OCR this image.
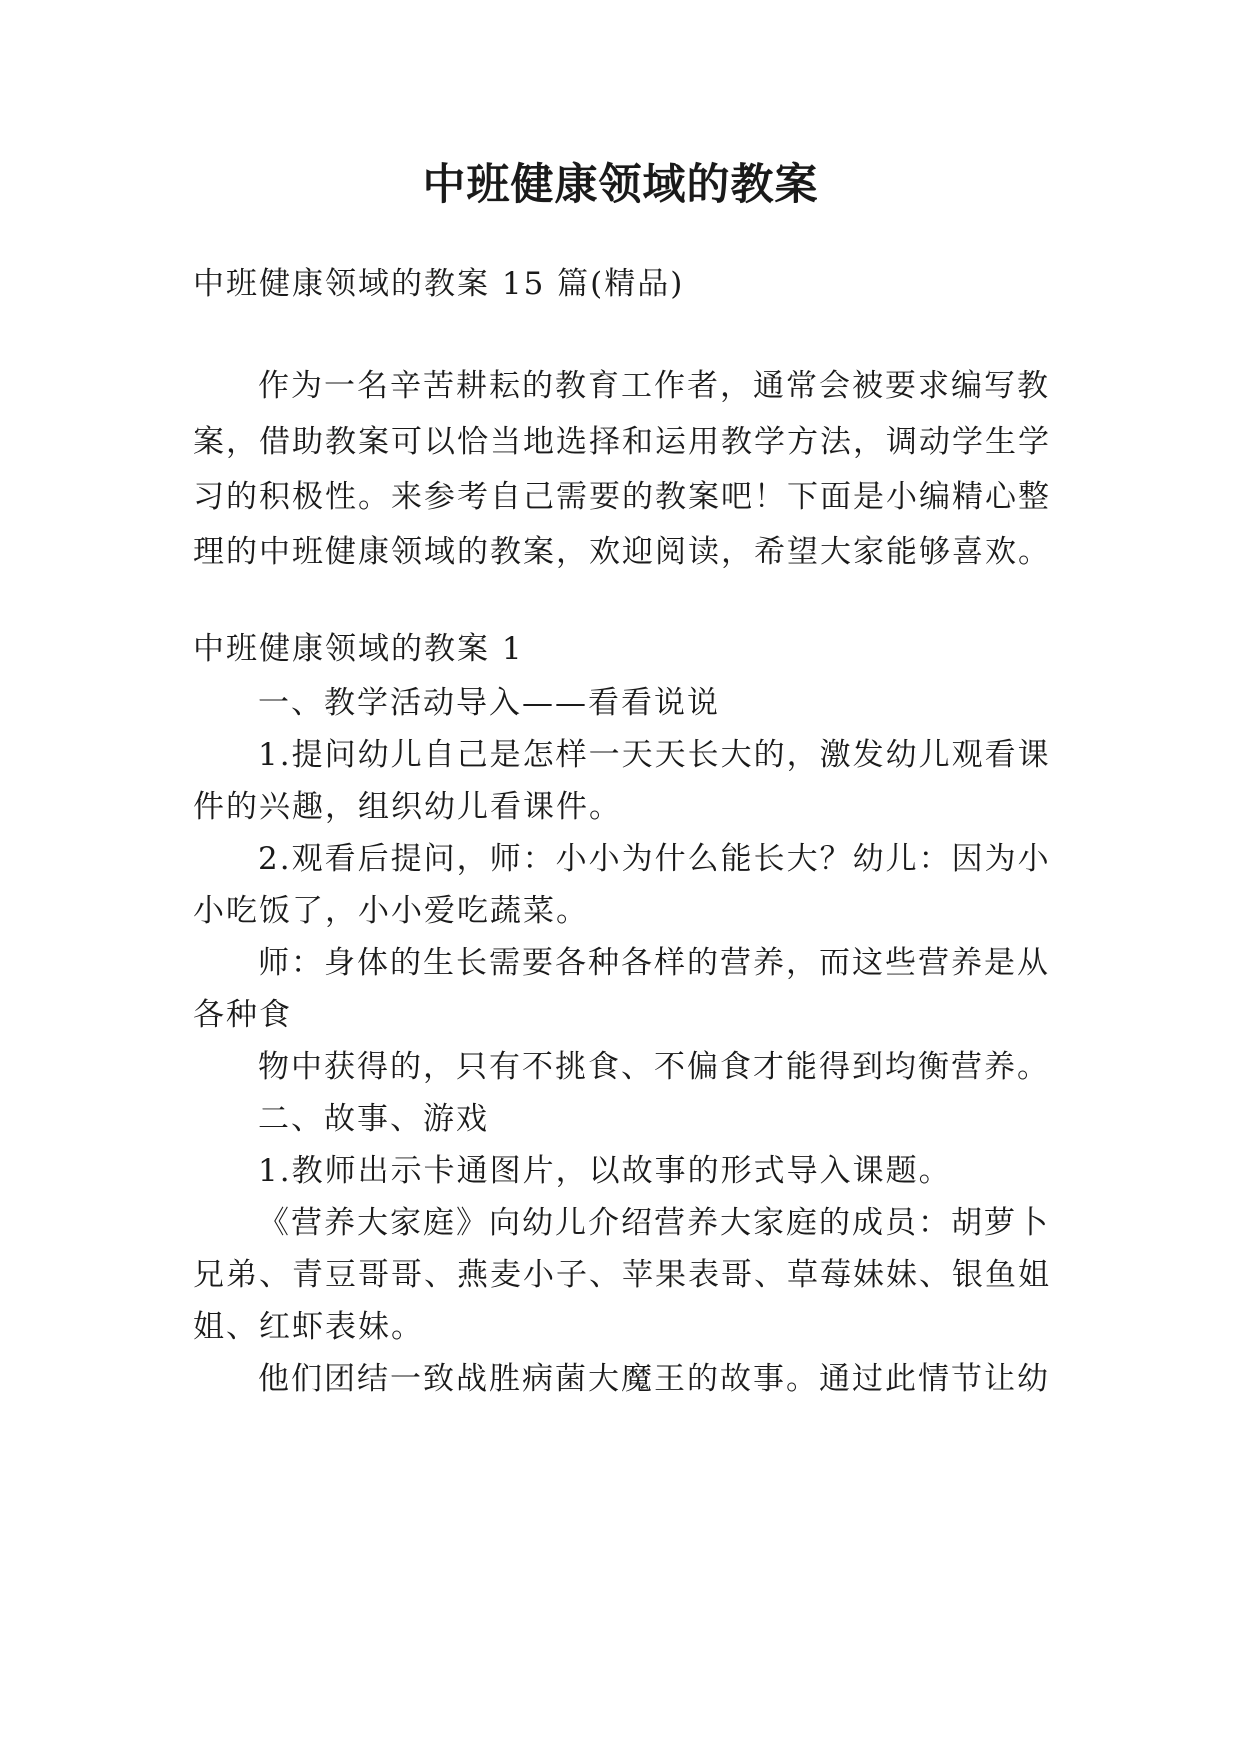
中班健康领域的教案
中班健康领域的教案 15 篇(精品)
作为一名辛苦耕耘的教育工作者，通常会被要求编写教
案，借助教案可以恰当地选择和运用教学方法，调动学生学
习的积极性。来参考自己需要的教案吧！下面是小编精心整
理的中班健康领域的教案，欢迎阅读，希望大家能够喜欢。
中班健康领域的教案 1
一、教学活动导入——看看说说
1.提问幼儿自己是怎样一天天长大的，激发幼儿观看课
件的兴趣，组织幼儿看课件。
2.观看后提问，师：小小为什么能长大？幼儿：因为小
小吃饭了，小小爱吃蔬菜。
师：身体的生长需要各种各样的营养，而这些营养是从
各种食
物中获得的，只有不挑食、不偏食才能得到均衡营养。
二、故事、游戏
1.教师出示卡通图片，以故事的形式导入课题。
《营养大家庭》向幼儿介绍营养大家庭的成员：胡萝卜
兄弟、青豆哥哥、燕麦小子、苹果表哥、草莓妹妹、银鱼姐
姐、红虾表妹。
他们团结一致战胜病菌大魔王的故事。通过此情节让幼
